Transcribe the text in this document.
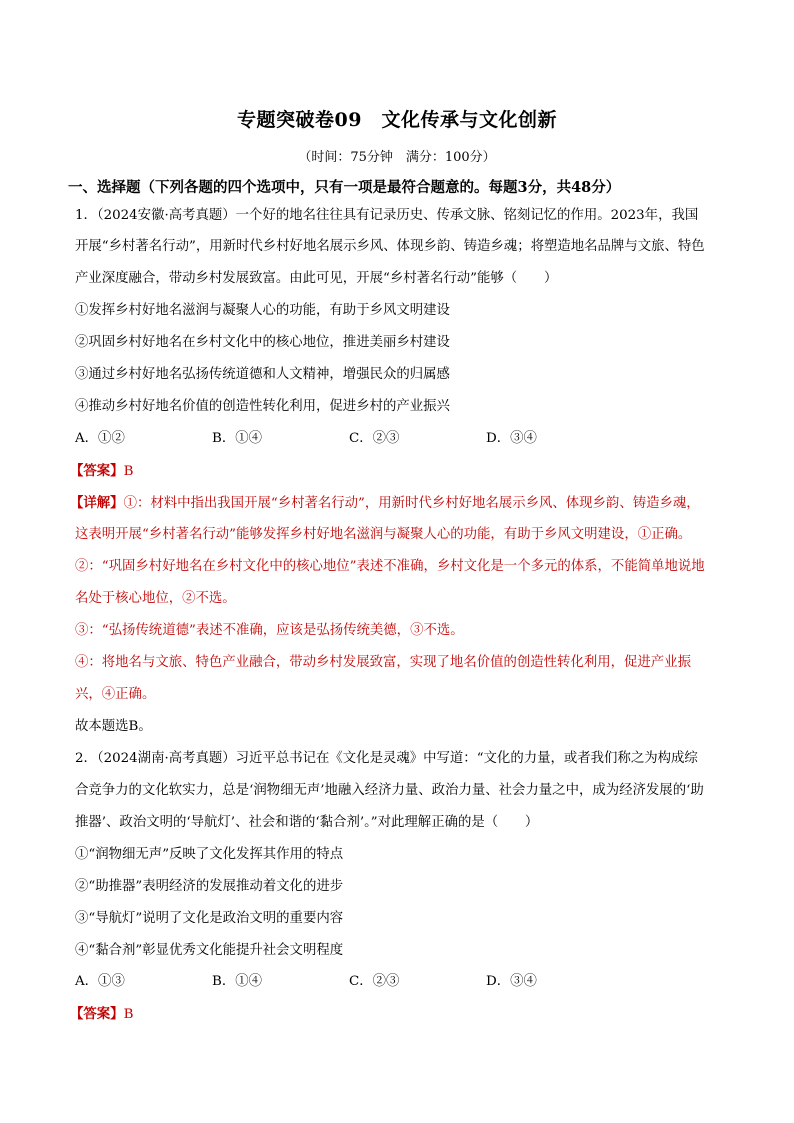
专题突破卷09　文化传承与文化创新
（时间：75分钟　满分：100分）
一、选择题（下列各题的四个选项中，只有一项是最符合题意的。每题3分，共48分）
1．（2024安徽·高考真题）一个好的地名往往具有记录历史、传承文脉、铭刻记忆的作用。2023年，我国
开展“乡村著名行动”，用新时代乡村好地名展示乡风、体现乡韵、铸造乡魂；将塑造地名品牌与文旅、特色
产业深度融合，带动乡村发展致富。由此可见，开展“乡村著名行动”能够（　　）
①发挥乡村好地名滋润与凝聚人心的功能，有助于乡风文明建设
②巩固乡村好地名在乡村文化中的核心地位，推进美丽乡村建设
③通过乡村好地名弘扬传统道德和人文精神，增强民众的归属感
④推动乡村好地名价值的创造性转化利用，促进乡村的产业振兴
A．①②	B．①④	C．②③	D．③④
【答案】B
【详解】①：材料中指出我国开展“乡村著名行动”，用新时代乡村好地名展示乡风、体现乡韵、铸造乡魂，
这表明开展“乡村著名行动”能够发挥乡村好地名滋润与凝聚人心的功能，有助于乡风文明建设，①正确。
②：“巩固乡村好地名在乡村文化中的核心地位”表述不准确，乡村文化是一个多元的体系，不能简单地说地
名处于核心地位，②不选。
③：“弘扬传统道德”表述不准确，应该是弘扬传统美德，③不选。
④：将地名与文旅、特色产业融合，带动乡村发展致富，实现了地名价值的创造性转化利用，促进产业振
兴，④正确。
故本题选B。
2．（2024湖南·高考真题）习近平总书记在《文化是灵魂》中写道：“文化的力量，或者我们称之为构成综
合竞争力的文化软实力，总是‘润物细无声’地融入经济力量、政治力量、社会力量之中，成为经济发展的‘助
推器’、政治文明的‘导航灯’、社会和谐的‘黏合剂’。”对此理解正确的是（　　）
①“润物细无声”反映了文化发挥其作用的特点
②“助推器”表明经济的发展推动着文化的进步
③“导航灯”说明了文化是政治文明的重要内容
④“黏合剂”彰显优秀文化能提升社会文明程度
A．①③	B．①④	C．②③	D．③④
【答案】B
